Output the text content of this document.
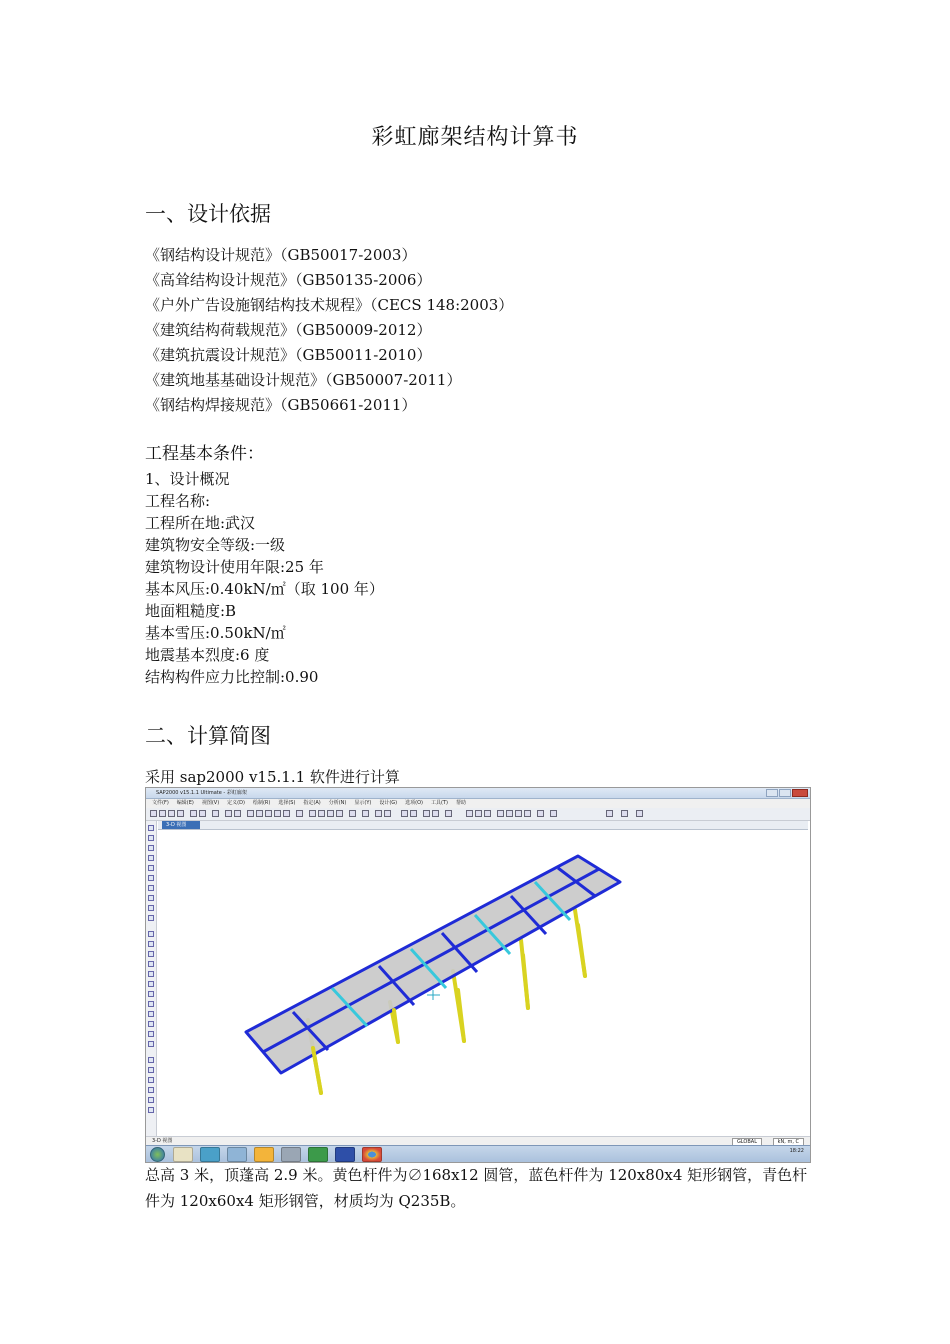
彩虹廊架结构计算书
一、设计依据
《钢结构设计规范》（GB50017-2003）
《高耸结构设计规范》（GB50135-2006）
《户外广告设施钢结构技术规程》（CECS 148:2003）
《建筑结构荷载规范》（GB50009-2012）
《建筑抗震设计规范》（GB50011-2010）
《建筑地基基础设计规范》（GB50007-2011）
《钢结构焊接规范》（GB50661-2011）
工程基本条件：
1、设计概况
工程名称:
工程所在地:武汉
建筑物安全等级:一级
建筑物设计使用年限:25 年
基本风压:0.40kN/㎡（取 100 年）
地面粗糙度:B
基本雪压:0.50kN/㎡
地震基本烈度:6 度
结构构件应力比控制:0.90
二、计算简图
采用 sap2000 v15.1.1 软件进行计算
SAP2000 v15.1.1 Ultimate - 彩虹廊架
文件(F) 编辑(E) 视图(V) 定义(D) 绘制(R) 选择(S) 指定(A) 分析(N) 显示(Y) 设计(G) 选项(O) 工具(T) 帮助
3-D 视图
3-D 视图	GLOBAL	kN, m, C
18:22
总高 3 米，顶蓬高 2.9 米。黄色杆件为∅168x12 圆管，蓝色杆件为 120x80x4 矩形钢管，青色杆件为 120x60x4 矩形钢管，材质均为 Q235B。
